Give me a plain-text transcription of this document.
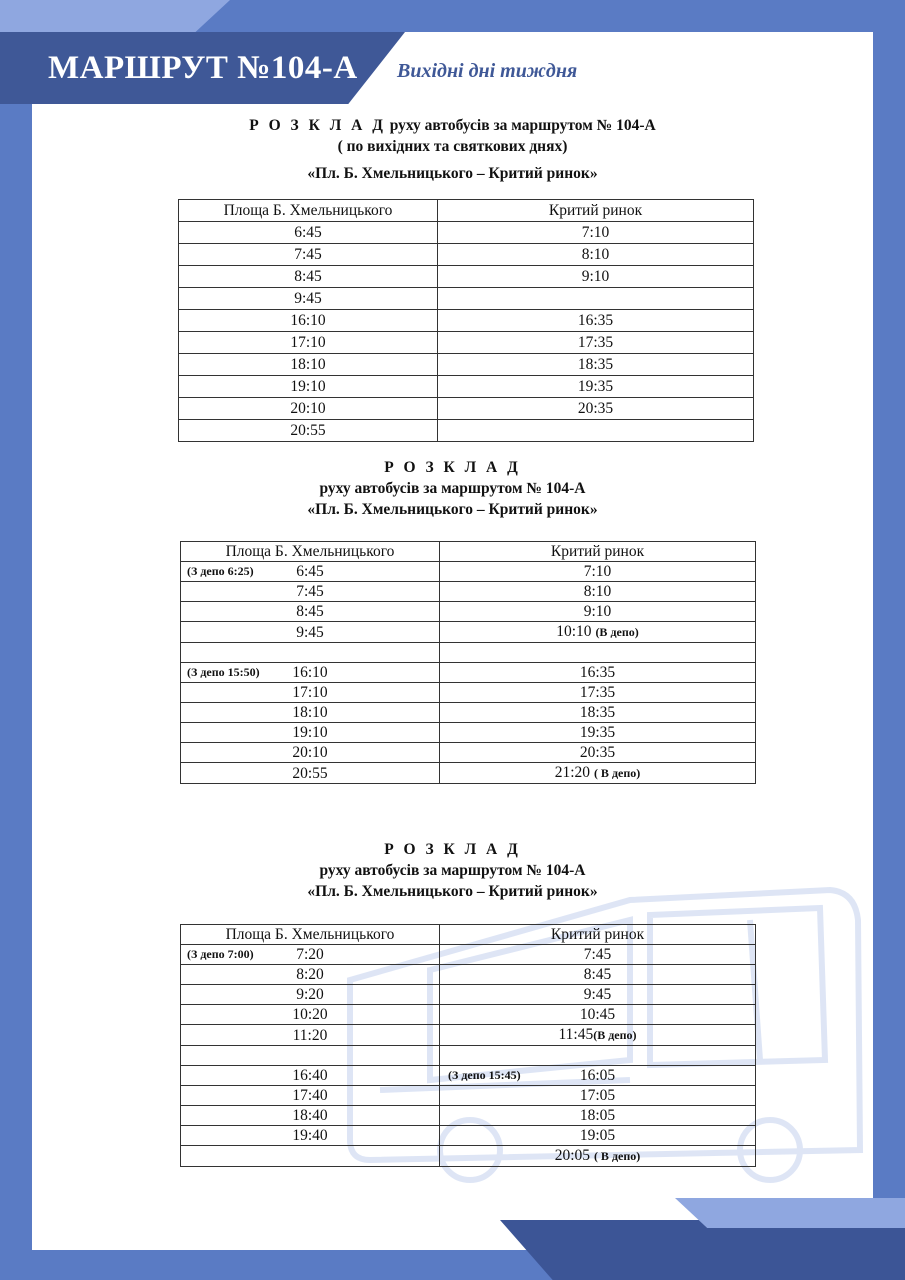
МАРШРУТ №104-А Вихідні дні тиждня
Р О З К Л А Д руху автобусів за маршрутом № 104-А
( по вихідних та святкових днях)
«Пл. Б. Хмельницького – Критий ринок»
Площа Б. Хмельницького	Критий ринок
6:45	7:10
7:45	8:10
8:45	9:10
9:45	
16:10	16:35
17:10	17:35
18:10	18:35
19:10	19:35
20:10	20:35
20:55	
Р О З К Л А Д
руху автобусів за маршрутом № 104-А
«Пл. Б. Хмельницького – Критий ринок»
Площа Б. Хмельницького	Критий ринок

(З депо 6:25) 6:45	7:10
7:45	8:10
8:45	9:10
9:45	10:10 (В депо)

(З депо 15:50) 16:10	16:35
17:10	17:35
18:10	18:35
19:10	19:35
20:10	20:35
20:55	21:20 ( В депо)
Р О З К Л А Д
руху автобусів за маршрутом № 104-А
«Пл. Б. Хмельницького – Критий ринок»
Площа Б. Хмельницького	Критий ринок

(З депо 7:00) 7:20	7:45
8:20	8:45
9:20	9:45
10:20	10:45
11:20	11:45(В депо)

16:40	(З депо 15:45) 16:05

17:40	17:05
18:40	18:05
19:40	19:05
	20:05 ( В депо)
